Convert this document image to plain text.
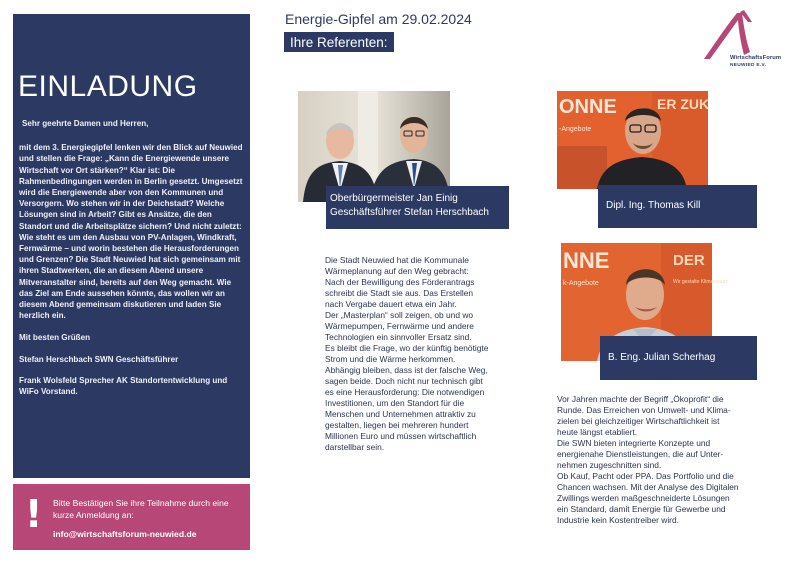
EINLADUNG

Sehr geehrte Damen und Herren,

mit dem 3. Energiegipfel lenken wir den Blick auf Neuwied und stellen die Frage: „Kann die Energiewende unsere Wirtschaft vor Ort stärken?“ Klar ist: Die Rahmenbedingungen werden in Berlin gesetzt. Umgesetzt wird die Energiewende aber von den Kommunen und Versorgern. Wo stehen wir in der Deichstadt? Welche Lösungen sind in Arbeit? Gibt es Ansätze, die den Standort und die Arbeitsplätze sichern? Und nicht zuletzt: Wie steht es um den Ausbau von PV-Anlagen, Windkraft, Fernwärme – und worin bestehen die Herausforderungen und Grenzen? Die Stadt Neuwied hat sich gemeinsam mit ihren Stadtwerken, die an diesem Abend unsere Mitveranstalter sind, bereits auf den Weg gemacht. Wie das Ziel am Ende aussehen könnte, das wollen wir an diesem Abend gemeinsam diskutieren und laden Sie herzlich ein.

Mit besten Grüßen

Stefan Herschbach SWN Geschäftsführer

Frank Wolsfeld Sprecher AK Standortentwicklung und WiFo Vorstand.

! Bitte Bestätigen Sie ihre Teilnahme durch eine kurze Anmeldung an:
info@wirtschaftsforum-neuwied.de
Energie-Gipfel am 29.02.2024
Ihre Referenten:
WirtschaftsForum
NEUWIED E.V.
Oberbürgermeister Jan Einig
Geschäftsführer Stefan Herschbach
ONNE	ER ZUK
-Angebote
Dipl. Ing. Thomas Kill
NNE	DER
k-Angebote	Wir gestalte Klimaschutz
B. Eng. Julian Scherhag

Die Stadt Neuwied hat die Kommunale

Wärmeplanung auf den Weg gebracht:

Nach der Bewilligung des Förderantrags

schreibt die Stadt sie aus. Das Erstellen

nach Vergabe dauert etwa ein Jahr.

Der „Masterplan“ soll zeigen, ob und wo

Wärmepumpen, Fernwärme und andere

Technologien ein sinnvoller Ersatz sind.

Es bleibt die Frage, wo der künftig benötigte

Strom und die Wärme herkommen.

Abhängig bleiben, dass ist der falsche Weg,

sagen beide. Doch nicht nur technisch gibt

es eine Herausforderung: Die notwendigen

Investitionen, um den Standort für die

Menschen und Unternehmen attraktiv zu

gestalten, liegen bei mehreren hundert

Millionen Euro und müssen wirtschaftlich

darstellbar sein.

Vor Jahren machte der Begriff „Ökoprofit“ die

Runde. Das Erreichen von Umwelt- und Klima-

zielen bei gleichzeitiger Wirtschaftlichkeit ist

heute längst etabliert.

Die SWN bieten integrierte Konzepte und

energienahe Dienstleistungen, die auf Unter-

nehmen zugeschnitten sind.

Ob Kauf, Pacht oder PPA. Das Portfolio und die

Chancen wachsen. Mit der Analyse des Digitalen

Zwillings werden maßgeschneiderte Lösungen

ein Standard, damit Energie für Gewerbe und

Industrie kein Kostentreiber wird.
